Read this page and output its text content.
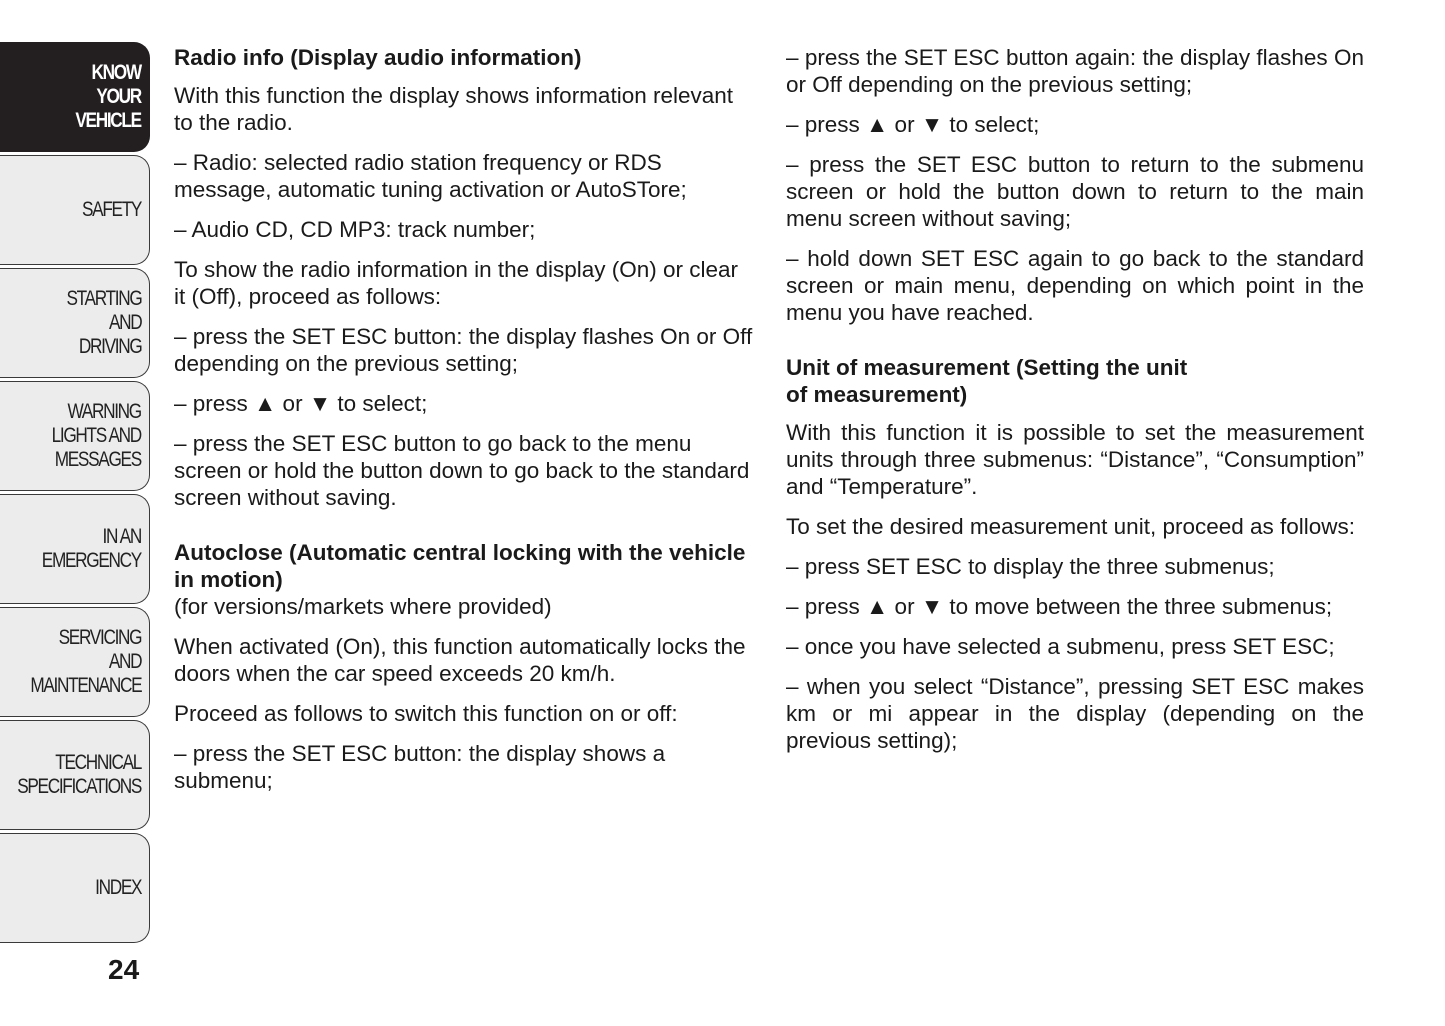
KNOW
YOUR
VEHICLE
SAFETY
STARTING
AND
DRIVING
WARNING
LIGHTS AND
MESSAGES
IN AN
EMERGENCY
SERVICING
AND
MAINTENANCE
TECHNICAL
SPECIFICATIONS
INDEX
24
Radio info (Display audio information)

With this function the display shows information relevant to the radio.

– Radio: selected radio station frequency or RDS message, automatic tuning activation or AutoSTore;

– Audio CD, CD MP3: track number;

To show the radio information in the display (On) or clear it (Off), proceed as follows:

– press the SET ESC button: the display flashes On or Off depending on the previous setting;

– press ▲ or ▼ to select;

– press the SET ESC button to go back to the menu screen or hold the button down to go back to the standard screen without saving.

Autoclose (Automatic central locking with the vehicle in motion)

(for versions/markets where provided)

When activated (On), this function automatically locks the doors when the car speed exceeds 20 km/h.

Proceed as follows to switch this function on or off:

– press the SET ESC button: the display shows a submenu;

– press the SET ESC button again: the display flashes On or Off depending on the previous setting;

– press ▲ or ▼ to select;

– press the SET ESC button to return to the submenu screen or hold the button down to return to the main menu screen without saving;

– hold down SET ESC again to go back to the standard screen or main menu, depending on which point in the menu you have reached.

Unit of measurement (Setting the unit
of measurement)

With this function it is possible to set the measurement units through three submenus: “Distance”, “Consumption” and “Temperature”.

To set the desired measurement unit, proceed as follows:

– press SET ESC to display the three submenus;

– press ▲ or ▼ to move between the three submenus;

– once you have selected a submenu, press SET ESC;

– when you select “Distance”, pressing SET ESC makes km or mi appear in the display (depending on the previous setting);
